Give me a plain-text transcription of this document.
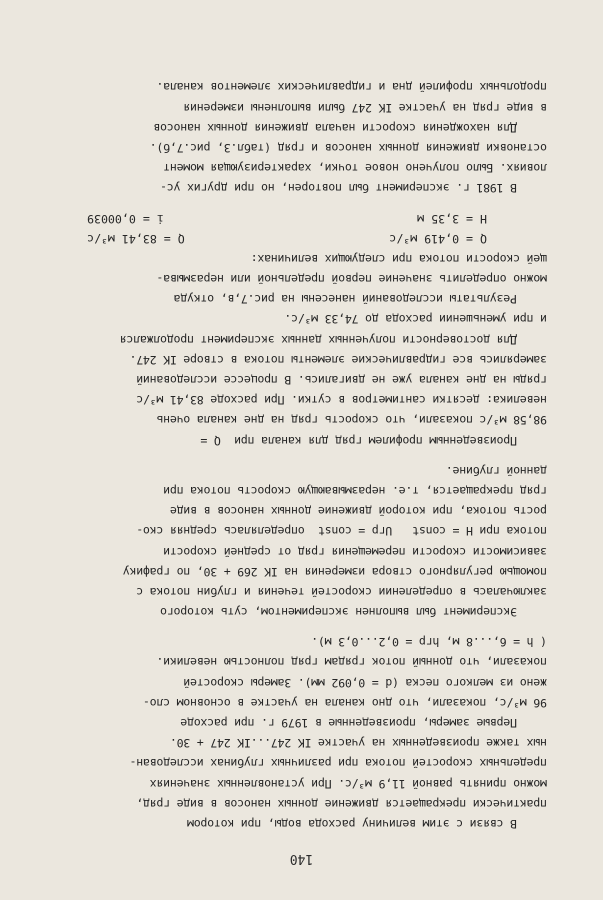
140
В связи с этим величину расхода воды, при котором
практически прекращается движение донных наносов в виде гряд,
можно принять равной 11,9 м³/с. При установленных значениях
предельных скоростей потока при различных глубинах исследован-
ных также произведенных на участке IK 247...IK 247 + 30.
Первые замеры, произведенные в 1979 г. при расходе
96 м³/с, показали, что дно канала на участке в основном сло-
жено из мелкого песка (d = 0,092 мм). Замеры скоростей
показали, что донный поток грядам гряд полностью невелики.
( h = 6,...8 м, hгр = 0,2...0,3 м).
Эксперимент был выполнен экспериментом, суть которого
заключалась в определении скоростей течения и глубин потока с
помощью регулярного створа измерения на IK 269 + 30, по графику
зависимости скорости перемещения гряд от средней скорости
потока при H = const   Uгр = const  определялась средняя ско-
рость потока, при которой движение донных наносов в виде
гряд прекращается, т.е. неразмывающую скорость потока при
данной глубине.
Произведенным профилем гряд для канала при  Q =
98,58 м³/с показали, что скорость гряд на дне канала очень
невелика: десятки сантиметров в сутки. При расходе 83,41 м³/с
гряды на дне канала уже не двигались. В процессе исследований
замерялись все гидравлические элементы потока в створе IK 247.
Для достоверности полученных данных эксперимент продолжался
и при уменьшении расхода до 74,33 м³/с.
Результаты исследований нанесены на рис.7,в, откуда
можно определить значение первой предельной или неразмыва-
щей скорости потока при следующих величинах:
Q = 0,419 м³/с
Q = 83,41 м³/с
H = 3,35 м
i = 0,00039
В 1981 г. эксперимент был повторен, но при других ус-
ловиях. Было получено новое точки, характеризующая момент
остановки движения донных наносов и гряд (табл.3, рис.7,б).
Для нахождения скорости начала движения донных наносов
в виде гряд на участке IK 247 были выполнены измерения
продольных профилей дна и гидравлических элементов канала.
